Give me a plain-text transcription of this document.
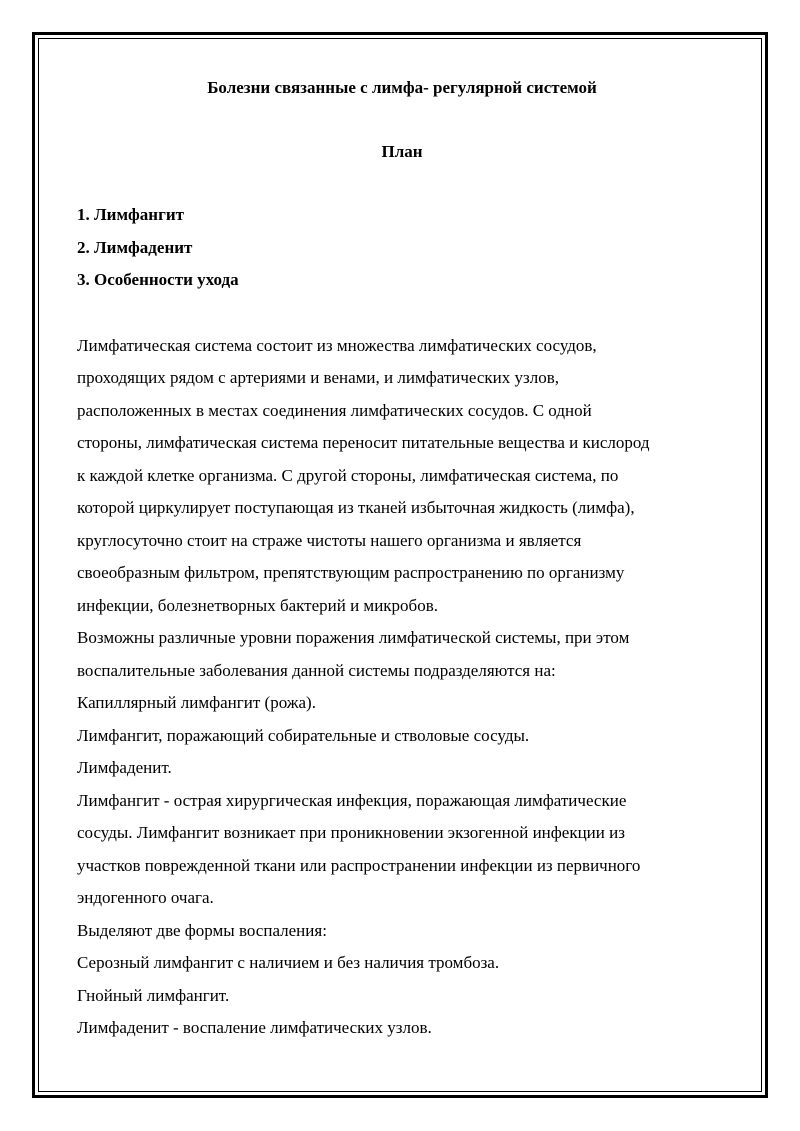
Болезни связанные с лимфа- регулярной системой
План
1. Лимфангит
2. Лимфаденит
3. Особенности ухода

Лимфатическая система состоит из множества лимфатических сосудов,
проходящих рядом с артериями и венами, и лимфатических узлов,
расположенных в местах соединения лимфатических сосудов. С одной
стороны, лимфатическая система переносит питательные вещества и кислород
к каждой клетке организма. С другой стороны, лимфатическая система, по
которой циркулирует поступающая из тканей избыточная жидкость (лимфа),
круглосуточно стоит на страже чистоты нашего организма и является
своеобразным фильтром, препятствующим распространению по организму
инфекции, болезнетворных бактерий и микробов.

Возможны различные уровни поражения лимфатической системы, при этом
воспалительные заболевания данной системы подразделяются на:

Капиллярный лимфангит (рожа).

Лимфангит, поражающий собирательные и стволовые сосуды.

Лимфаденит.

Лимфангит - острая хирургическая инфекция, поражающая лимфатические
сосуды. Лимфангит возникает при проникновении экзогенной инфекции из
участков поврежденной ткани или распространении инфекции из первичного
эндогенного очага.

Выделяют две формы воспаления:

Серозный лимфангит с наличием и без наличия тромбоза.

Гнойный лимфангит.

Лимфаденит - воспаление лимфатических узлов.
